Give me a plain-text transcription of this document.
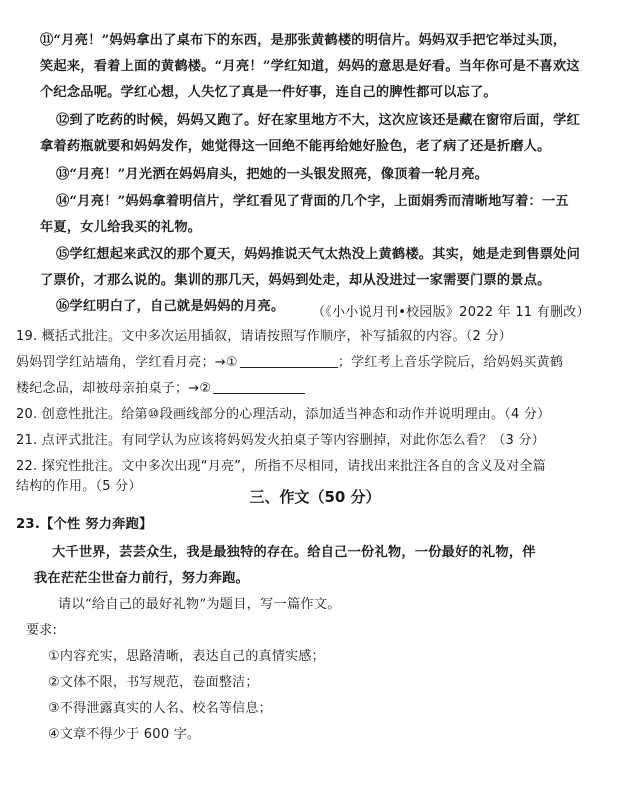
⑪“月亮！”妈妈拿出了桌布下的东西，是那张黄鹤楼的明信片。妈妈双手把它举过头顶，
笑起来，看着上面的黄鹤楼。“月亮！”学红知道，妈妈的意思是好看。当年你可是不喜欢这
个纪念品呢。学红心想，人失忆了真是一件好事，连自己的脾性都可以忘了。
⑫到了吃药的时候，妈妈又跑了。好在家里地方不大，这次应该还是藏在窗帘后面，学红
拿着药瓶就要和妈妈发作，她觉得这一回绝不能再给她好脸色，老了病了还是折磨人。
⑬“月亮！”月光洒在妈妈肩头，把她的一头银发照亮，像顶着一轮月亮。
⑭“月亮！”妈妈拿着明信片，学红看见了背面的几个字，上面娟秀而清晰地写着：一五
年夏，女儿给我买的礼物。
⑮学红想起来武汉的那个夏天，妈妈推说天气太热没上黄鹤楼。其实，她是走到售票处问
了票价，才那么说的。集训的那几天，妈妈到处走，却从没进过一家需要门票的景点。
⑯学红明白了，自己就是妈妈的月亮。 （《小小说月刊•校园版》2022 年 11 有删改）
19. 概括式批注。文中多次运用插叙，请请按照写作顺序，补写插叙的内容。（2 分）
妈妈罚学红站墙角，学红看月亮；→①	；学红考上音乐学院后，给妈妈买黄鹤
楼纪念品，却被母亲拍桌子；→②
20. 创意性批注。给第⑩段画线部分的心理活动，添加适当神态和动作并说明理由。（4 分）
21. 点评式批注。有同学认为应该将妈妈发火拍桌子等内容删掉，对此你怎么看？（3 分）
22. 探究性批注。文中多次出现“月亮”，所指不尽相同，请找出来批注各自的含义及对全篇
结构的作用。（5 分）
三、作文（50 分）
23.【个性 努力奔跑】
大千世界，芸芸众生，我是最独特的存在。给自己一份礼物，一份最好的礼物，伴
我在茫茫尘世奋力前行，努力奔跑。
请以“给自己的最好礼物”为题目，写一篇作文。
要求:
①内容充实，思路清晰，表达自己的真情实感；
②文体不限，书写规范，卷面整洁；
③不得泄露真实的人名、校名等信息；
④文章不得少于 600 字。
